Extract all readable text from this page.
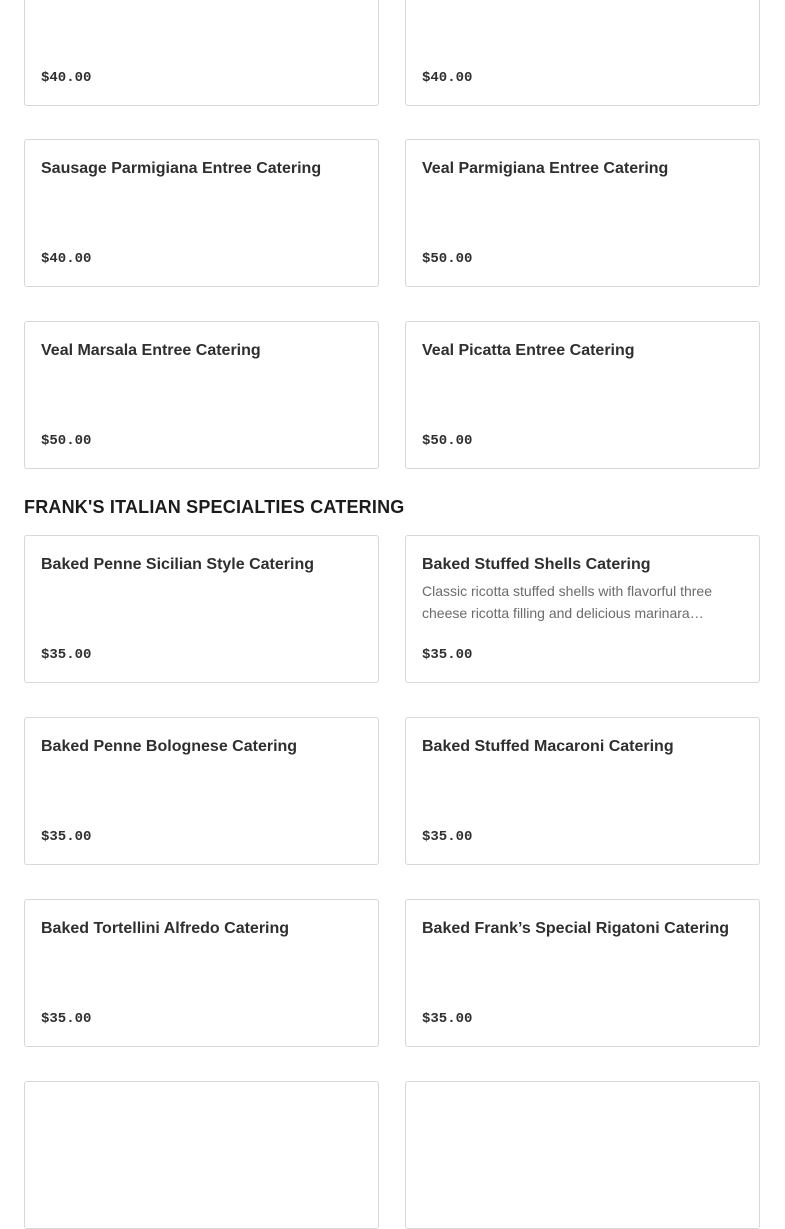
$40.00	$40.00
Sausage Parmigiana Entree Catering
$40.00
Veal Parmigiana Entree Catering
$50.00
Veal Marsala Entree Catering
$50.00
Veal Picatta Entree Catering
$50.00
FRANK'S ITALIAN SPECIALTIES CATERING
Baked Penne Sicilian Style Catering
$35.00
Baked Stuffed Shells Catering
Classic ricotta stuffed shells with flavorful three cheese ricotta filling and delicious marinara…
$35.00
Baked Penne Bolognese Catering
$35.00
Baked Stuffed Macaroni Catering
$35.00
Baked Tortellini Alfredo Catering
$35.00
Baked Frank’s Special Rigatoni Catering
$35.00
